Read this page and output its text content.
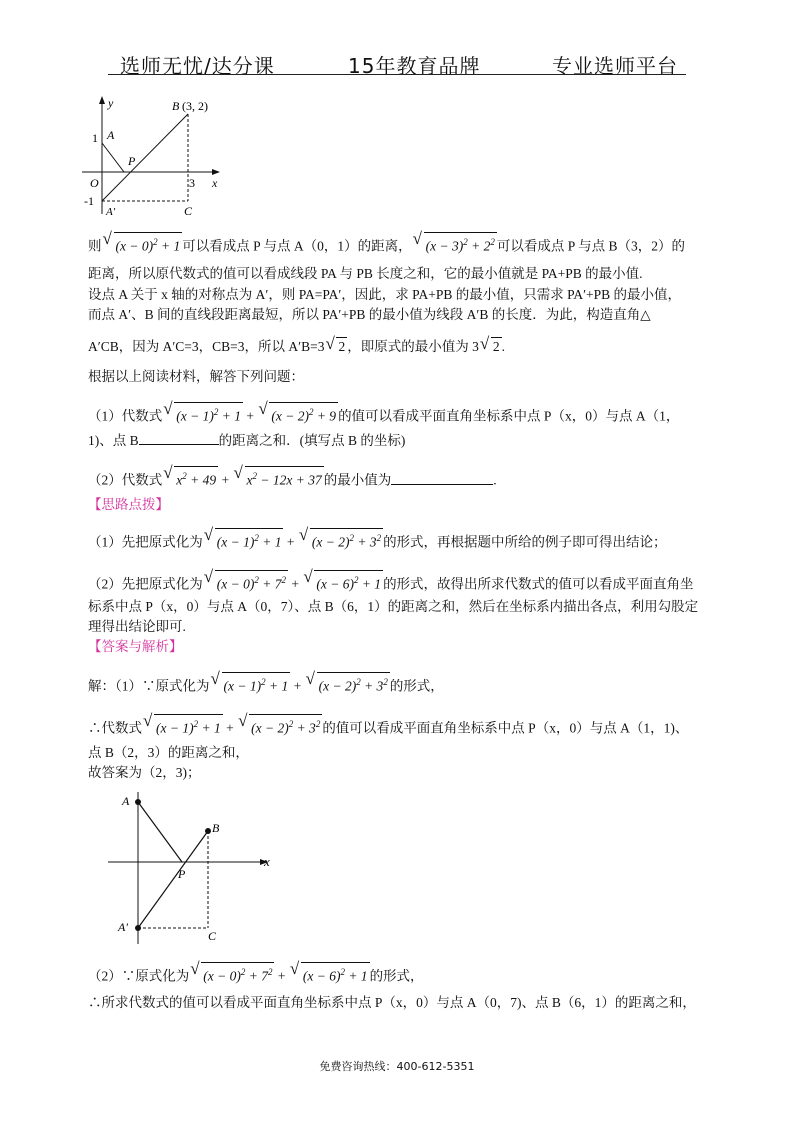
选师无忧/达分课	15年教育品牌	专业选师平台
y
x
B (3, 2)
1 A
P
O	3
-1
A′	C
则 √ $(x - 0)^2 + 1$ 可以看成点 P 与点 A（0，1）的距离， √ $(x - 3)^2 + 2^2$ 可以看成点 P 与点 B（3，2）的
距离，所以原代数式的值可以看成线段 PA 与 PB 长度之和，它的最小值就是 PA+PB 的最小值.
设点 A 关于 x 轴的对称点为 A′，则 PA=PA′，因此，求 PA+PB 的最小值，只需求 PA′+PB 的最小值，
而点 A′、B 间的直线段距离最短，所以 PA′+PB 的最小值为线段 A′B 的长度．为此，构造直角△
A′CB，因为 A′C=3，CB=3，所以 A′B=3 √ 2 ，即原式的最小值为 3 √ 2 .
根据以上阅读材料，解答下列问题：
（1）代数式 √ $(x - 1)^2 + 1$ + √ $(x - 2)^2 + 9$ 的值可以看成平面直角坐标系中点 P（x，0）与点 A（1，
1)、点 B	的距离之和．(填写点 B 的坐标)
（2）代数式 √ $x^2 + 49$ + √ $x^2 - 12x + 37$ 的最小值为	.
【思路点拨】
（1）先把原式化为 √ $(x - 1)^2 + 1$ + √ $(x - 2)^2 + 3^2$ 的形式，再根据题中所给的例子即可得出结论；
（2）先把原式化为 √ $(x - 0)^2 + 7^2$ + √ $(x - 6)^2 + 1$ 的形式，故得出所求代数式的值可以看成平面直角坐
标系中点 P（x，0）与点 A（0，7）、点 B（6，1）的距离之和，然后在坐标系内描出各点，利用勾股定
理得出结论即可.
【答案与解析】
解：（1）∵原式化为 √ $(x - 1)^2 + 1$ + √ $(x - 2)^2 + 3^2$ 的形式，
∴代数式 √ $(x - 1)^2 + 1$ + √ $(x - 2)^2 + 3^2$ 的值可以看成平面直角坐标系中点 P（x，0）与点 A（1，1)、
点 B（2，3）的距离之和，
故答案为（2，3)；
A
B
x
P
A′
C
（2）∵原式化为 √ $(x - 0)^2 + 7^2$ + √ $(x - 6)^2 + 1$ 的形式，
∴所求代数式的值可以看成平面直角坐标系中点 P（x，0）与点 A（0，7)、点 B（6，1）的距离之和，
免费咨询热线：400-612-5351
